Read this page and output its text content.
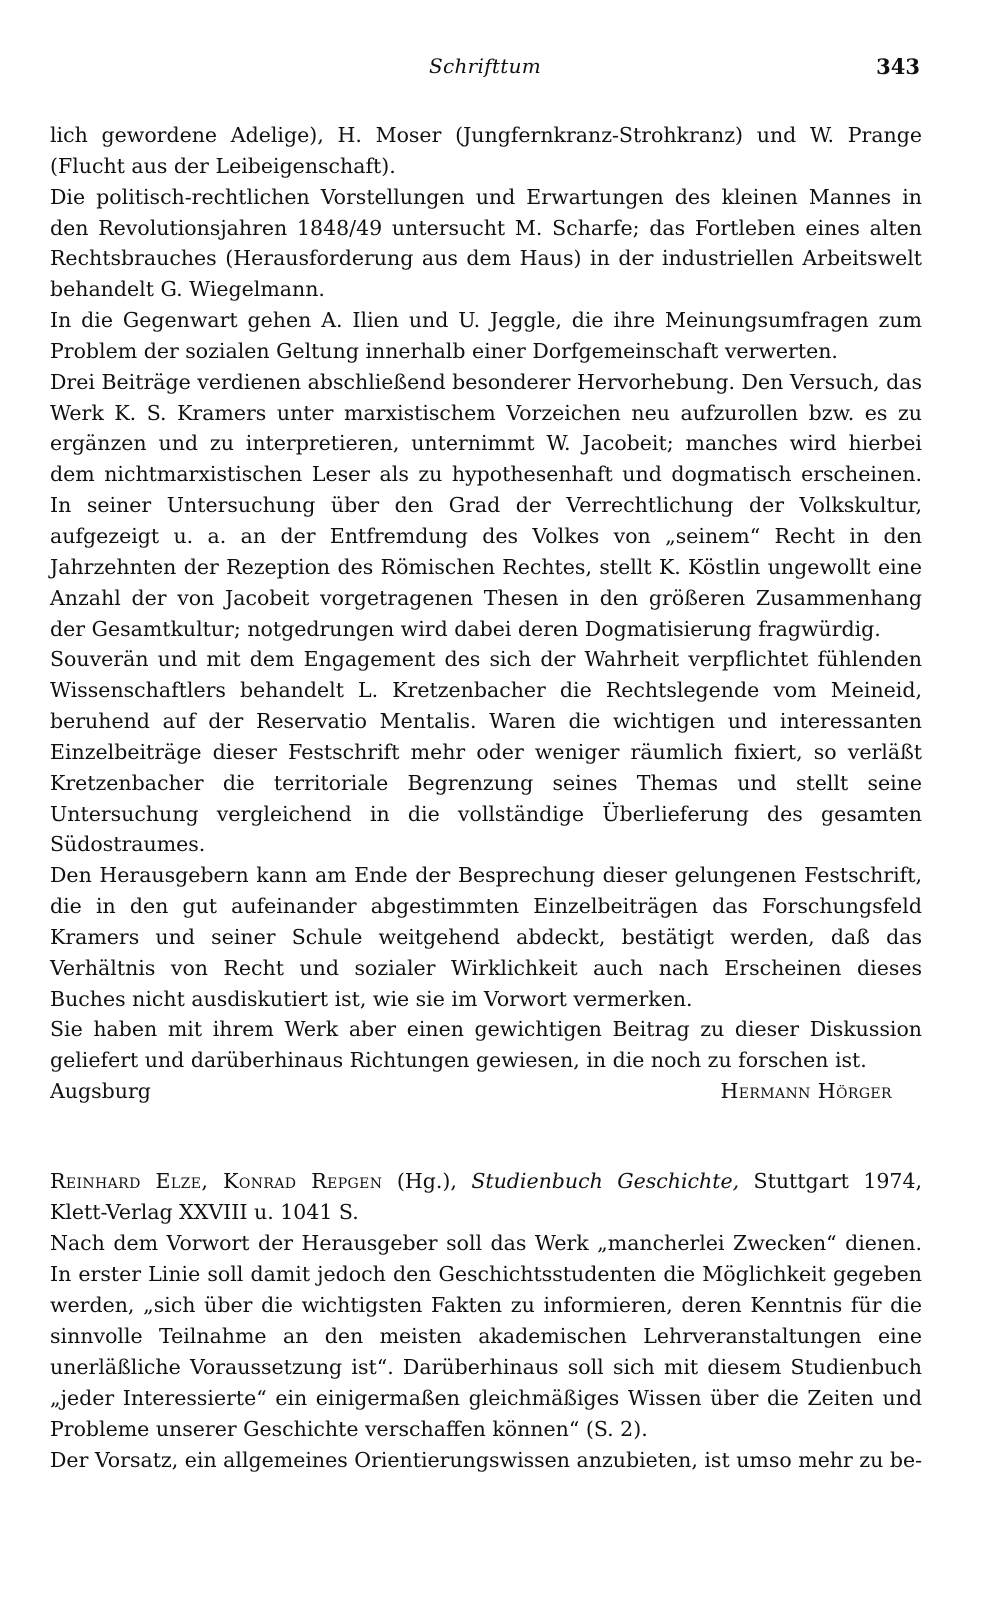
Schrifttum	343

lich gewordene Adelige), H. Moser (Jungfernkranz-Strohkranz) und W. Prange (Flucht aus der Leibeigenschaft).

Die politisch-rechtlichen Vorstellungen und Erwartungen des kleinen Mannes in den Revolutionsjahren 1848/49 untersucht M. Scharfe; das Fortleben eines alten Rechtsbrauches (Herausforderung aus dem Haus) in der industriellen Arbeitswelt behandelt G. Wiegelmann.

In die Gegenwart gehen A. Ilien und U. Jeggle, die ihre Meinungsumfragen zum Problem der sozialen Geltung innerhalb einer Dorfgemeinschaft verwerten.

Drei Beiträge verdienen abschließend besonderer Hervorhebung. Den Versuch, das Werk K. S. Kramers unter marxistischem Vorzeichen neu aufzurollen bzw. es zu ergänzen und zu interpretieren, unternimmt W. Jacobeit; manches wird hierbei dem nichtmarxistischen Leser als zu hypothesenhaft und dogmatisch erscheinen. In seiner Untersuchung über den Grad der Verrechtlichung der Volkskultur, aufgezeigt u. a. an der Entfremdung des Volkes von „seinem“ Recht in den Jahrzehnten der Rezeption des Römischen Rechtes, stellt K. Köstlin ungewollt eine Anzahl der von Jacobeit vorgetragenen Thesen in den größeren Zusammenhang der Gesamtkultur; notgedrungen wird dabei deren Dogmatisierung fragwürdig.

Souverän und mit dem Engagement des sich der Wahrheit verpflichtet fühlenden Wissenschaftlers behandelt L. Kretzenbacher die Rechtslegende vom Meineid, beruhend auf der Reservatio Mentalis. Waren die wichtigen und interessanten Einzelbeiträge dieser Festschrift mehr oder weniger räumlich fixiert, so verläßt Kretzenbacher die territoriale Begrenzung seines Themas und stellt seine Untersuchung vergleichend in die vollständige Überlieferung des gesamten Südostraumes.

Den Herausgebern kann am Ende der Besprechung dieser gelungenen Festschrift, die in den gut aufeinander abgestimmten Einzelbeiträgen das Forschungsfeld Kramers und seiner Schule weitgehend abdeckt, bestätigt werden, daß das Verhältnis von Recht und sozialer Wirklichkeit auch nach Erscheinen dieses Buches nicht ausdiskutiert ist, wie sie im Vorwort vermerken.

Sie haben mit ihrem Werk aber einen gewichtigen Beitrag zu dieser Diskussion geliefert und darüberhinaus Richtungen gewiesen, in die noch zu forschen ist.

Augsburg	Hermann Hörger

Reinhard Elze, Konrad Repgen (Hg.), Studienbuch Geschichte, Stuttgart 1974, Klett-Verlag XXVIII u. 1041 S.

Nach dem Vorwort der Herausgeber soll das Werk „mancherlei Zwecken“ dienen. In erster Linie soll damit jedoch den Geschichtsstudenten die Möglichkeit gegeben werden, „sich über die wichtigsten Fakten zu informieren, deren Kenntnis für die sinnvolle Teilnahme an den meisten akademischen Lehrveranstaltungen eine unerläßliche Voraussetzung ist“. Darüberhinaus soll sich mit diesem Studienbuch „jeder Interessierte“ ein einigermaßen gleichmäßiges Wissen über die Zeiten und Probleme unserer Geschichte verschaffen können“ (S. 2).

Der Vorsatz, ein allgemeines Orientierungswissen anzubieten, ist umso mehr zu be-
